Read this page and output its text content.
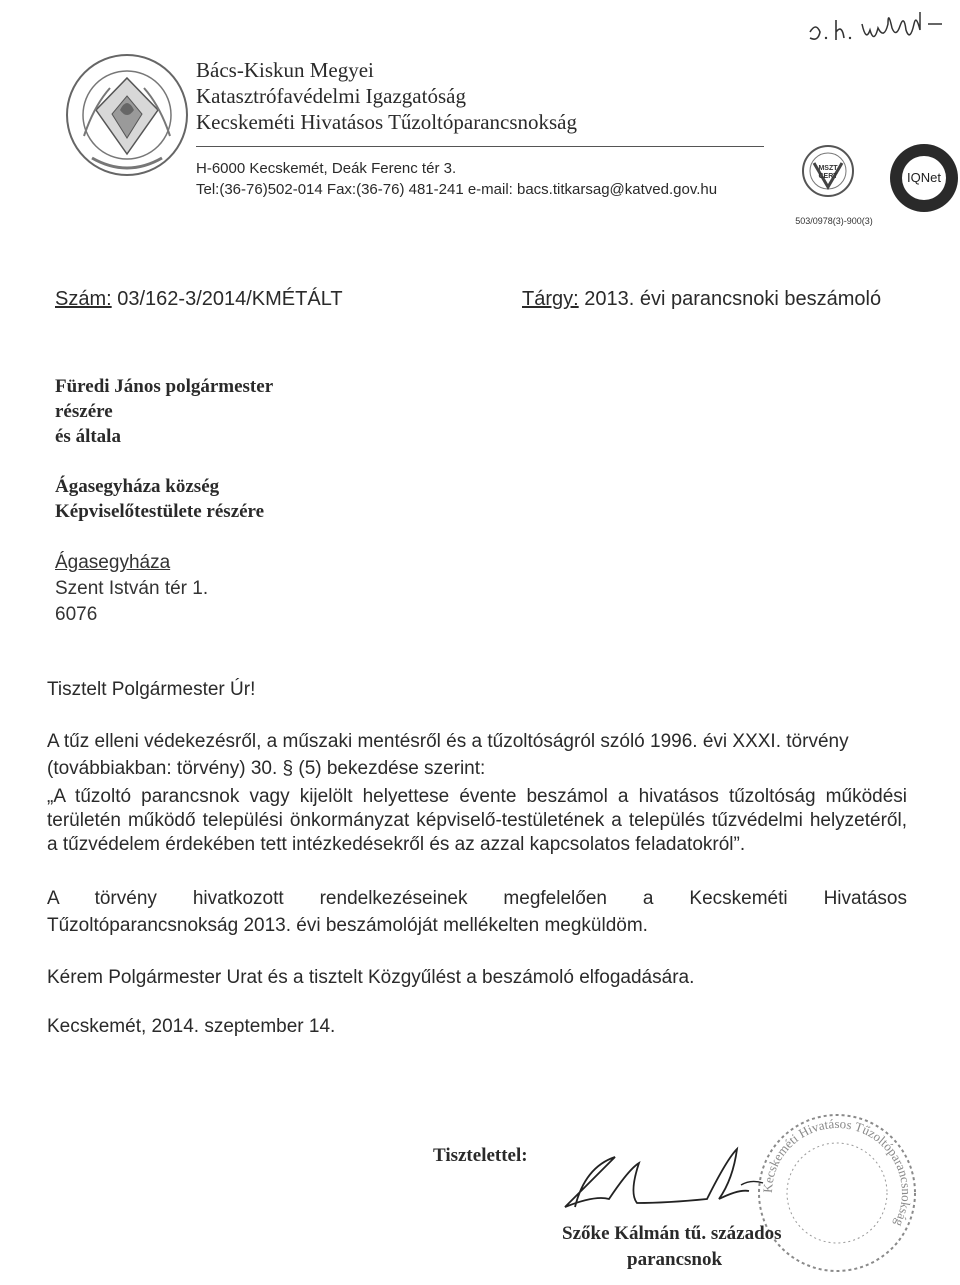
Bács-Kiskun Megyei
Katasztrófavédelmi Igazgatóság
Kecskeméti Hivatásos Tűzoltóparancsnokság
H-6000 Kecskemét, Deák Ferenc tér 3.
Tel:(36-76)502-014 Fax:(36-76) 481-241 e-mail: bacs.titkarsag@katved.gov.hu
MSZT CERT
503/0978(3)-900(3)
IQNet
Szám: 03/162-3/2014/KMÉTÁLT	Tárgy: 2013. évi parancsnoki beszámoló
Füredi János polgármester
részére
és általa
Ágasegyháza község
Képviselőtestülete részére
Ágasegyháza
Szent István tér 1.
6076
Tisztelt Polgármester Úr!
A tűz elleni védekezésről, a műszaki mentésről és a tűzoltóságról szóló 1996. évi XXXI. törvény
(továbbiakban: törvény) 30. § (5) bekezdése szerint:
„A tűzoltó parancsnok vagy kijelölt helyettese évente beszámol a hivatásos tűzoltóság működési területén működő települési önkormányzat képviselő-testületének a település tűzvédelmi helyzetéről, a tűzvédelem érdekében tett intézkedésekről és az azzal kapcsolatos feladatokról”.
A törvény hivatkozott rendelkezéseinek megfelelően a Kecskeméti Hivatásos
Tűzoltóparancsnokság 2013. évi beszámolóját mellékelten megküldöm.
Kérem Polgármester Urat és a tisztelt Közgyűlést a beszámoló elfogadására.
Kecskemét, 2014. szeptember 14.
Tisztelettel:
Kecskeméti Hivatásos Tűzoltóparancsnokság
Szőke Kálmán tű. százados
parancsnok
